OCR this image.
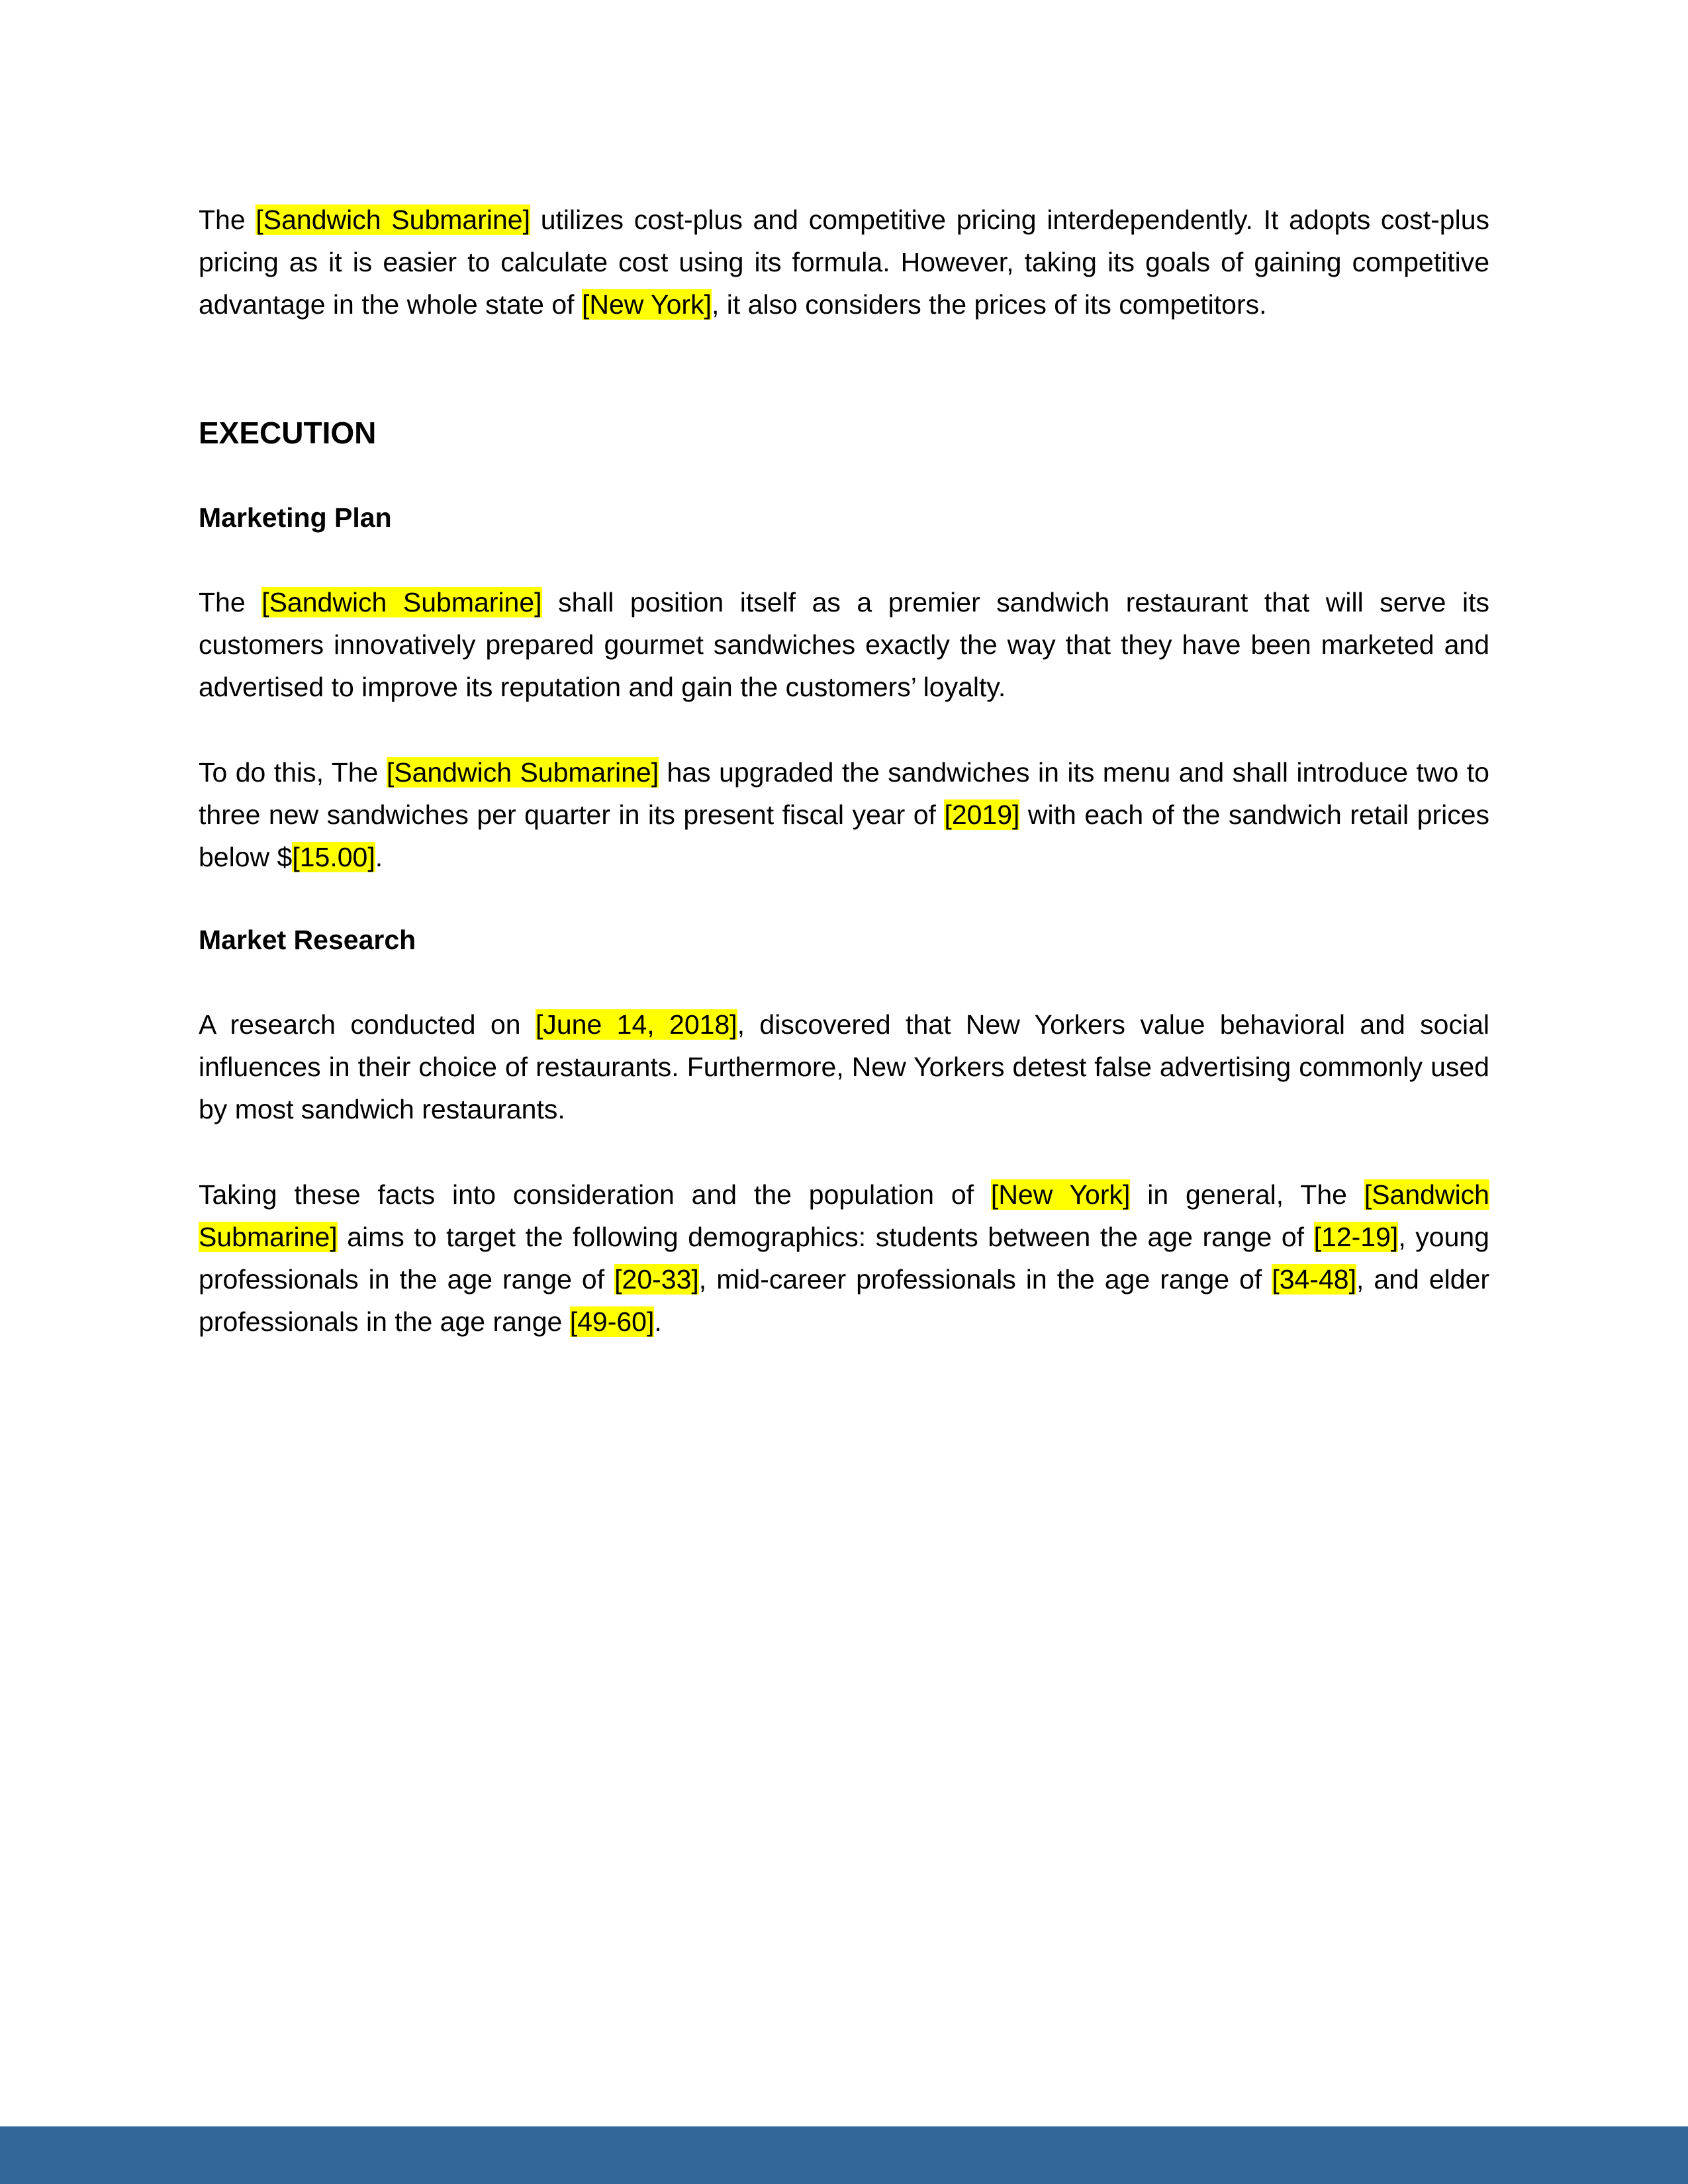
The [Sandwich Submarine] utilizes cost-plus and competitive pricing interdependently. It adopts cost-plus pricing as it is easier to calculate cost using its formula. However, taking its goals of gaining competitive advantage in the whole state of [New York], it also considers the prices of its competitors.

EXECUTION
Marketing Plan

The [Sandwich Submarine] shall position itself as a premier sandwich restaurant that will serve its customers innovatively prepared gourmet sandwiches exactly the way that they have been marketed and advertised to improve its reputation and gain the customers’ loyalty.

To do this, The [Sandwich Submarine] has upgraded the sandwiches in its menu and shall introduce two to three new sandwiches per quarter in its present fiscal year of [2019] with each of the sandwich retail prices below $[15.00].

Market Research

A research conducted on [June 14, 2018], discovered that New Yorkers value behavioral and social influences in their choice of restaurants. Furthermore, New Yorkers detest false advertising commonly used by most sandwich restaurants.

Taking these facts into consideration and the population of [New York] in general, The [Sandwich Submarine] aims to target the following demographics: students between the age range of [12-19], young professionals in the age range of [20-33], mid-career professionals in the age range of [34-48], and elder professionals in the age range [49-60].
